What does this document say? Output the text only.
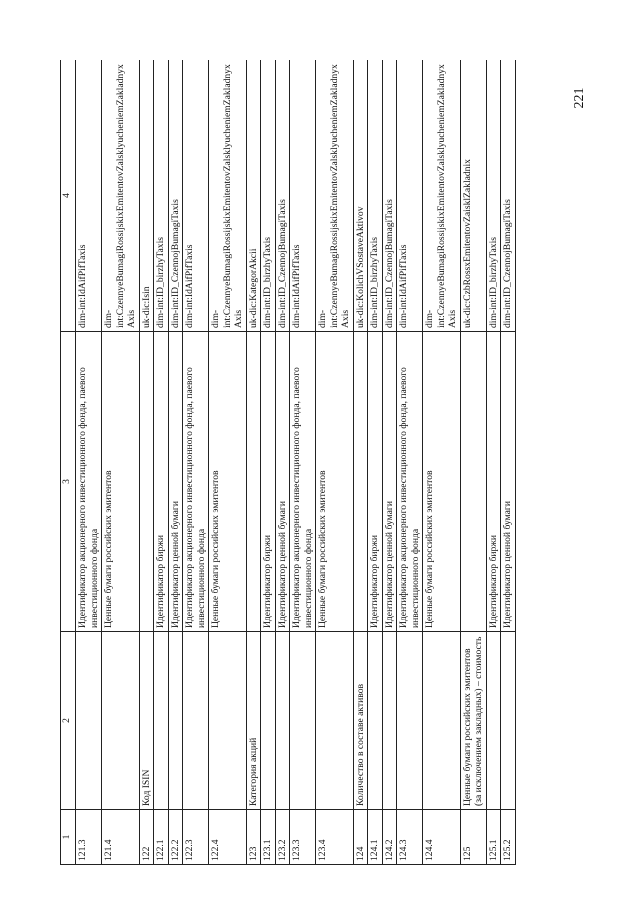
221
1	2	3	4
121.3		Идентификатор акционерного инвестиционного фонда, паевого инвестиционного фонда	dim-int:IdAifPifTaxis
121.4		Ценные бумаги российских эмитентов	dim-int:CzennyeBumagiRossijskixEmitentovZalsklyucheniemZakladnyxAxis
122	Код ISIN		uk-dic:Isin
122.1		Идентификатор биржи	dim-int:ID_birzhyTaxis
122.2		Идентификатор ценной бумаги	dim-int:ID_CzennojBumagiTaxis
122.3		Идентификатор акционерного инвестиционного фонда, паевого инвестиционного фонда	dim-int:IdAifPifTaxis
122.4		Ценные бумаги российских эмитентов	dim-int:CzennyeBumagiRossijskixEmitentovZalsklyucheniemZakladnyxAxis
123	Категория акций		uk-dic:KategorAkcii
123.1		Идентификатор биржи	dim-int:ID_birzhyTaxis
123.2		Идентификатор ценной бумаги	dim-int:ID_CzennojBumagiTaxis
123.3		Идентификатор акционерного инвестиционного фонда, паевого инвестиционного фонда	dim-int:IdAifPifTaxis
123.4		Ценные бумаги российских эмитентов	dim-int:CzennyeBumagiRossijskixEmitentovZalsklyucheniemZakladnyxAxis
124	Количество в составе активов		uk-dic:KolichVSostaveAktivov
124.1		Идентификатор биржи	dim-int:ID_birzhyTaxis
124.2		Идентификатор ценной бумаги	dim-int:ID_CzennojBumagiTaxis
124.3		Идентификатор акционерного инвестиционного фонда, паевого инвестиционного фонда	dim-int:IdAifPifTaxis
124.4		Ценные бумаги российских эмитентов	dim-int:CzennyeBumagiRossijskixEmitentovZalsklyucheniemZakladnyxAxis
125	Ценные бумаги российских эмитентов (за исключением закладных) – стоимость		uk-dic:CzbRossxEmitentovZaisklZakladnix
125.1		Идентификатор биржи	dim-int:ID_birzhyTaxis
125.2		Идентификатор ценной бумаги	dim-int:ID_CzennojBumagiTaxis
